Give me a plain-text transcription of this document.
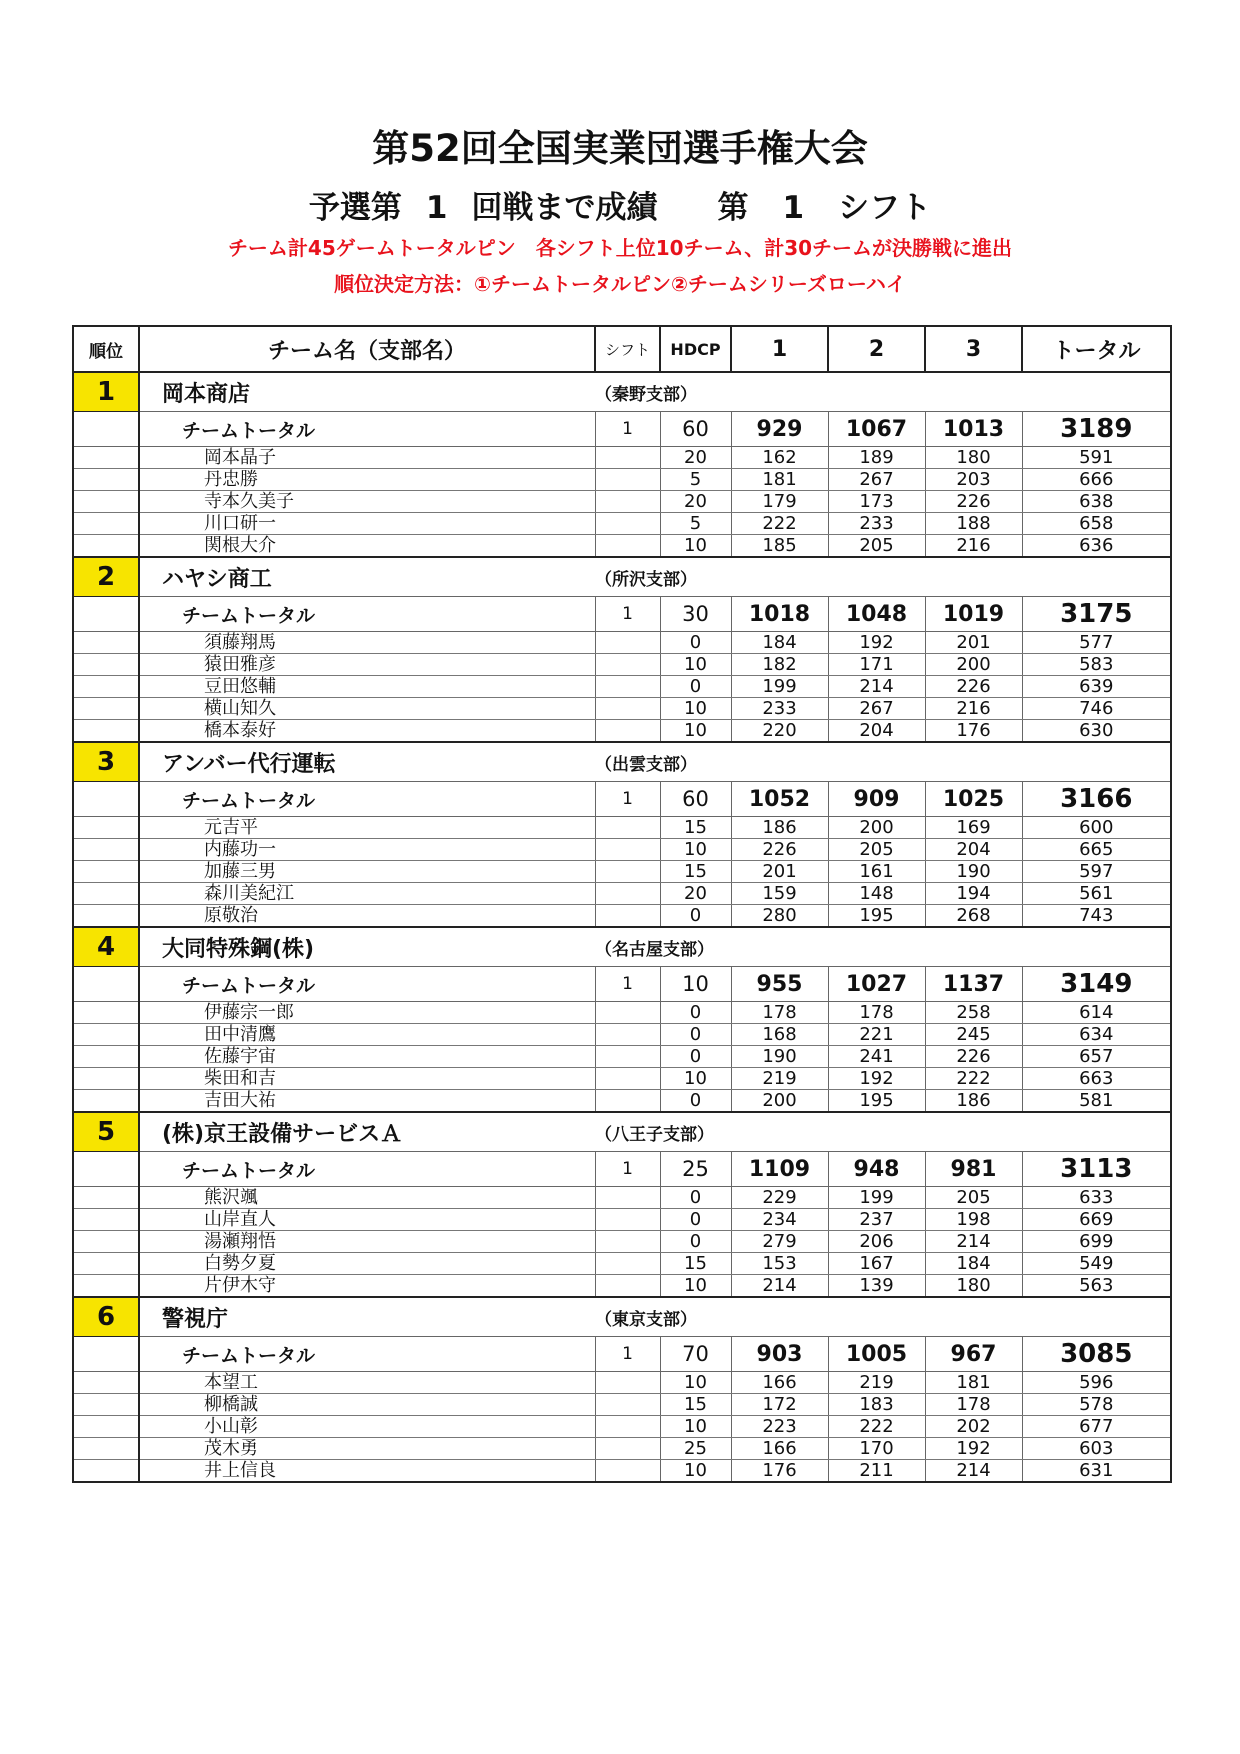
第52回全国実業団選手権大会
予選第 1 回戦まで成績 第 1 シフト
チーム計45ゲームトータルピン　各シフト上位10チーム、計30チームが決勝戦に進出
順位決定方法：①チームトータルピン②チームシリーズローハイ
順位	チーム名（支部名）	シフト	HDCP	1	2	3	トータル
1	岡本商店	（秦野支部）					
	チームトータル	1	60	929	1067	1013	3189
	岡本晶子		20	162	189	180	591
	丹忠勝		5	181	267	203	666
	寺本久美子		20	179	173	226	638
	川口研一		5	222	233	188	658
	関根大介		10	185	205	216	636
2	ハヤシ商工	（所沢支部）					
	チームトータル	1	30	1018	1048	1019	3175
	須藤翔馬		0	184	192	201	577
	猿田雅彦		10	182	171	200	583
	豆田悠輔		0	199	214	226	639
	横山知久		10	233	267	216	746
	橋本泰好		10	220	204	176	630
3	アンバー代行運転	（出雲支部）					
	チームトータル	1	60	1052	909	1025	3166
	元吉平		15	186	200	169	600
	内藤功一		10	226	205	204	665
	加藤三男		15	201	161	190	597
	森川美紀江		20	159	148	194	561
	原敬治		0	280	195	268	743
4	大同特殊鋼(株)	（名古屋支部）					
	チームトータル	1	10	955	1027	1137	3149
	伊藤宗一郎		0	178	178	258	614
	田中清鷹		0	168	221	245	634
	佐藤宇宙		0	190	241	226	657
	柴田和吉		10	219	192	222	663
	吉田大祐		0	200	195	186	581
5	(株)京王設備サービスＡ	（八王子支部）					
	チームトータル	1	25	1109	948	981	3113
	熊沢颯		0	229	199	205	633
	山岸直人		0	234	237	198	669
	湯瀬翔悟		0	279	206	214	699
	白勢夕夏		15	153	167	184	549
	片伊木守		10	214	139	180	563
6	警視庁	（東京支部）					
	チームトータル	1	70	903	1005	967	3085
	本望工		10	166	219	181	596
	柳橋誠		15	172	183	178	578
	小山彰		10	223	222	202	677
	茂木勇		25	166	170	192	603
	井上信良		10	176	211	214	631
